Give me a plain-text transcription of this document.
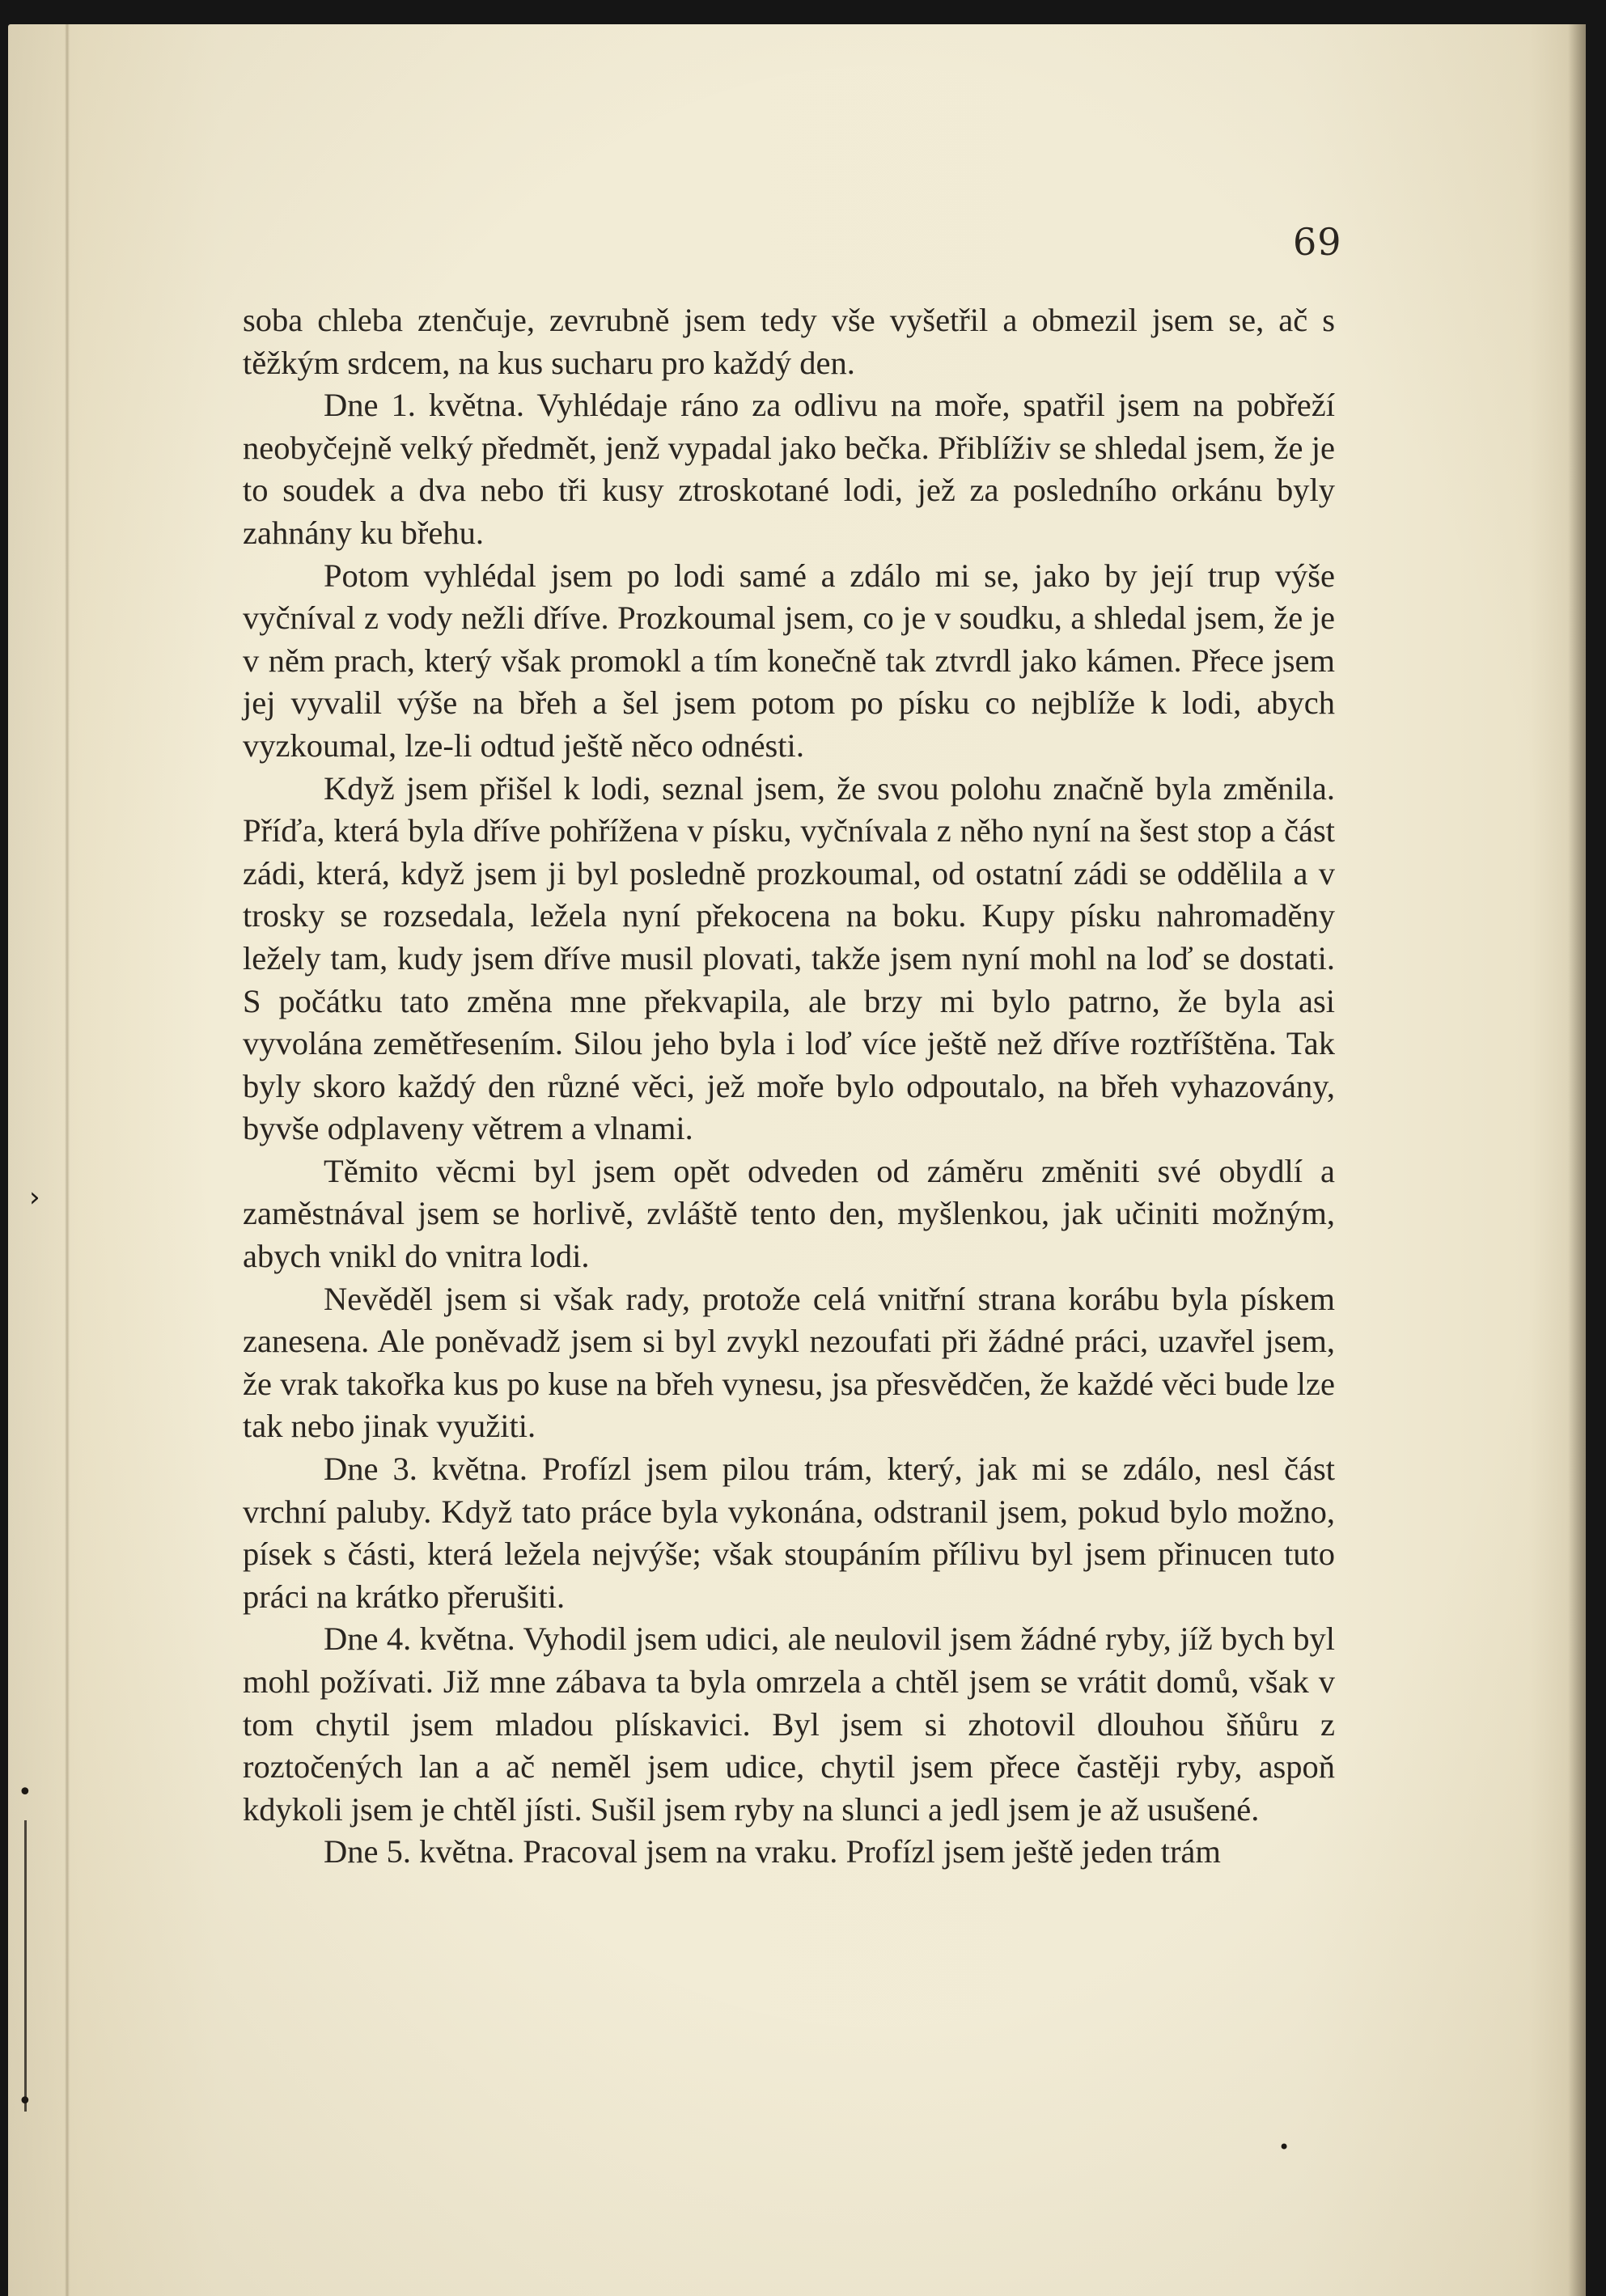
›
•
•
•
69

soba chleba ztenčuje, zevrubně jsem tedy vše vyšetřil a obmezil jsem se, ač s těžkým srdcem, na kus sucharu pro každý den.

Dne 1. května. Vyhlédaje ráno za odlivu na moře, spatřil jsem na pobřeží neobyčejně velký předmět, jenž vypadal jako bečka. Přiblíživ se shledal jsem, že je to soudek a dva nebo tři kusy ztroskotané lodi, jež za posledního orkánu byly zahnány ku břehu.

Potom vyhlédal jsem po lodi samé a zdálo mi se, jako by její trup výše vyčníval z vody nežli dříve. Prozkoumal jsem, co je v soudku, a shledal jsem, že je v něm prach, který však promokl a tím konečně tak ztvrdl jako kámen. Přece jsem jej vyvalil výše na břeh a šel jsem potom po písku co nejblíže k lodi, abych vyzkoumal, lze-li odtud ještě něco odnésti.

Když jsem přišel k lodi, seznal jsem, že svou polohu značně byla změnila. Příďa, která byla dříve pohřížena v písku, vyčnívala z něho nyní na šest stop a část zádi, která, když jsem ji byl posledně prozkoumal, od ostatní zádi se oddělila a v trosky se rozsedala, ležela nyní překocena na boku. Kupy písku nahromaděny ležely tam, kudy jsem dříve musil plovati, takže jsem nyní mohl na loď se dostati. S počátku tato změna mne překvapila, ale brzy mi bylo patrno, že byla asi vyvolána zemětřesením. Silou jeho byla i loď více ještě než dříve roztříštěna. Tak byly skoro každý den různé věci, jež moře bylo odpoutalo, na břeh vyhazovány, byvše odplaveny větrem a vlnami.

Těmito věcmi byl jsem opět odveden od záměru změniti své obydlí a zaměstnával jsem se horlivě, zvláště tento den, myšlenkou, jak učiniti možným, abych vnikl do vnitra lodi.

Nevěděl jsem si však rady, protože celá vnitřní strana korábu byla pískem zanesena. Ale poněvadž jsem si byl zvykl nezoufati při žádné práci, uzavřel jsem, že vrak takořka kus po kuse na břeh vynesu, jsa přesvědčen, že každé věci bude lze tak nebo jinak využiti.

Dne 3. května. Profízl jsem pilou trám, který, jak mi se zdálo, nesl část vrchní paluby. Když tato práce byla vykonána, odstranil jsem, pokud bylo možno, písek s části, která ležela nejvýše; však stoupáním přílivu byl jsem přinucen tuto práci na krátko přerušiti.

Dne 4. května. Vyhodil jsem udici, ale neulovil jsem žádné ryby, jíž bych byl mohl požívati. Již mne zábava ta byla omrzela a chtěl jsem se vrátit domů, však v tom chytil jsem mladou plískavici. Byl jsem si zhotovil dlouhou šňůru z roztočených lan a ač neměl jsem udice, chytil jsem přece častěji ryby, aspoň kdykoli jsem je chtěl jísti. Sušil jsem ryby na slunci a jedl jsem je až usušené.

Dne 5. května. Pracoval jsem na vraku. Profízl jsem ještě jeden trám
